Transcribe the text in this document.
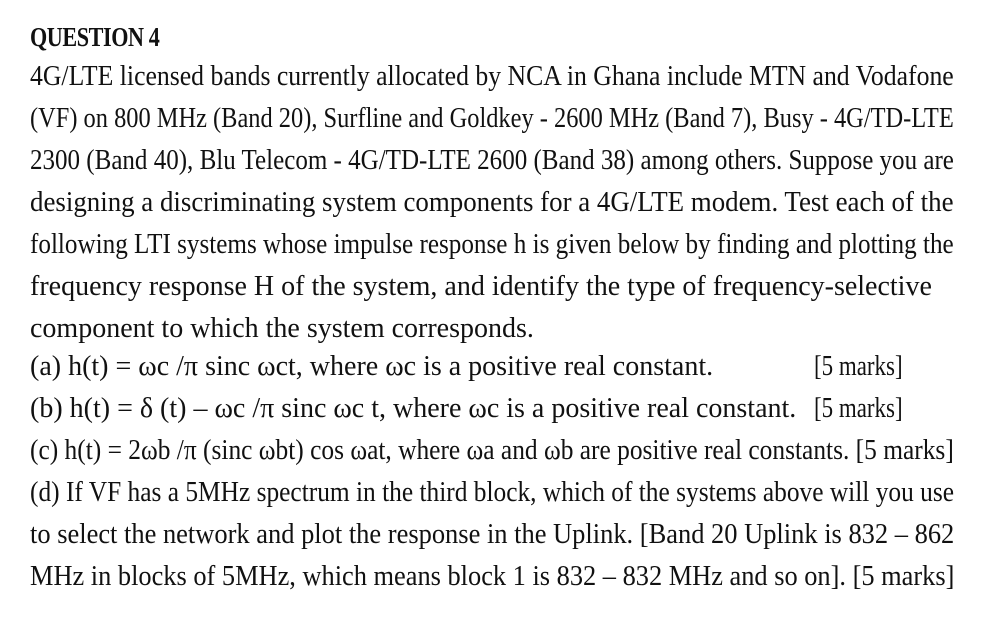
QUESTION 4
4G/LTE licensed bands currently allocated by NCA in Ghana include MTN and Vodafone
(VF) on 800 MHz (Band 20), Surfline and Goldkey - 2600 MHz (Band 7), Busy - 4G/TD-LTE
2300 (Band 40), Blu Telecom - 4G/TD-LTE 2600 (Band 38) among others. Suppose you are
designing a discriminating system components for a 4G/LTE modem. Test each of the
following LTI systems whose impulse response h is given below by finding and plotting the
frequency response H of the system, and identify the type of frequency-selective
component to which the system corresponds.
(a) h(t) = ωc /π sinc ωct, where ωc is a positive real constant.	[5 marks]
(b) h(t) = δ (t) – ωc /π sinc ωc t, where ωc is a positive real constant. [5 marks]
(c) h(t) = 2ωb /π (sinc ωbt) cos ωat, where ωa and ωb are positive real constants. [5 marks]
(d) If VF has a 5MHz spectrum in the third block, which of the systems above will you use
to select the network and plot the response in the Uplink. [Band 20 Uplink is 832 – 862
MHz in blocks of 5MHz, which means block 1 is 832 – 832 MHz and so on]. [5 marks]
